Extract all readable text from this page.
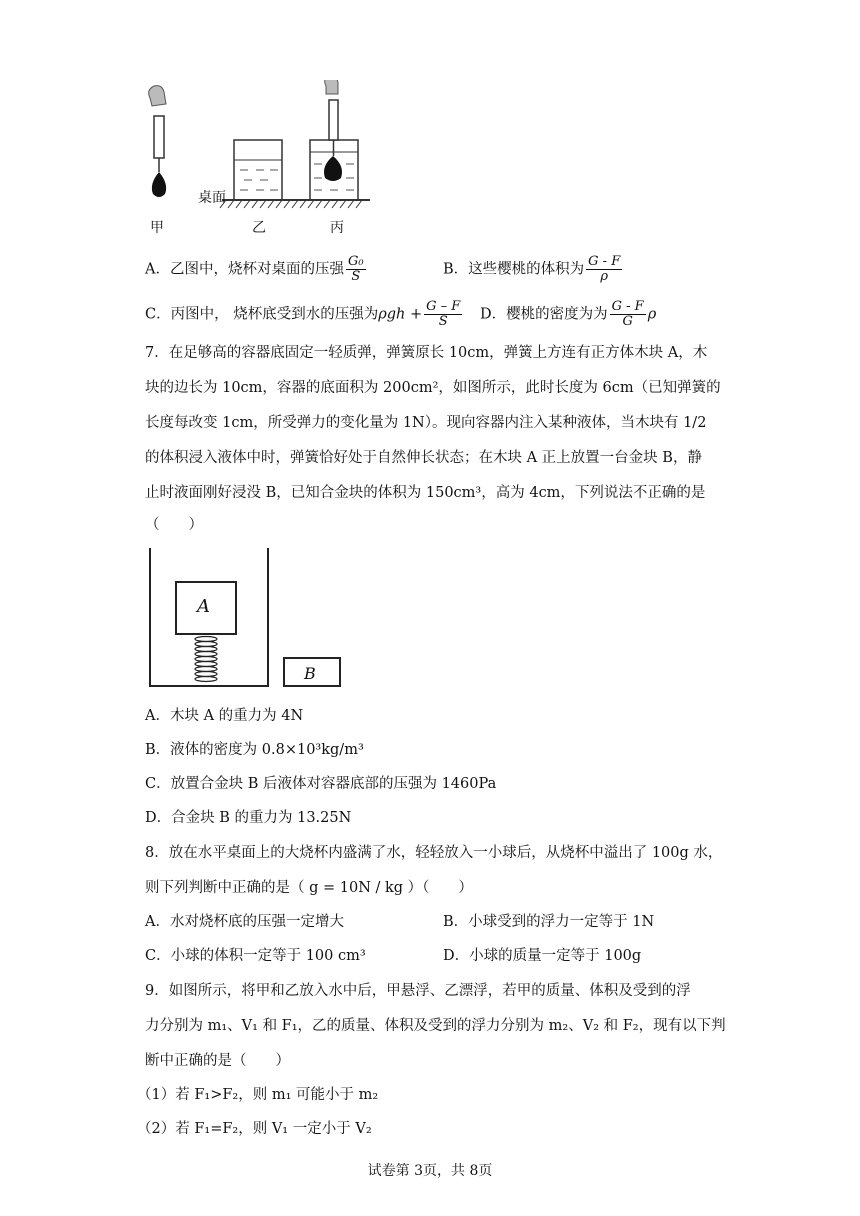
桌面
甲	乙	丙
A．乙图中，烧杯对桌面的压强 $\frac{\text{G₀}}{S}$	B．这些樱桃的体积为 $\frac{G - F}{\rho}$
C．丙图中， 烧杯底受到水的压强为$\rho gh + \frac{G - F}{S}$ D．樱桃的密度为为 $\frac{G - F}{G}$ ρ
7．在足够高的容器底固定一轻质弹，弹簧原长 10cm，弹簧上方连有正方体木块 A，木
块的边长为 10cm，容器的底面积为 200cm²，如图所示，此时长度为 6cm（已知弹簧的
长度每改变 1cm，所受弹力的变化量为 1N）。现向容器内注入某种液体，当木块有 1/2
的体积浸入液体中时，弹簧恰好处于自然伸长状态；在木块 A 正上放置一台金块 B，静
止时液面刚好浸没 B，已知合金块的体积为 150cm³，高为 4cm，下列说法不正确的是
（　　）
A
B
A．木块 A 的重力为 4N
B．液体的密度为 0.8×10³kg/m³
C．放置合金块 B 后液体对容器底部的压强为 1460Pa
D．合金块 B 的重力为 13.25N
8．放在水平桌面上的大烧杯内盛满了水，轻轻放入一小球后，从烧杯中溢出了 100g 水，
则下列判断中正确的是（ g = 10N / kg ）（　　）
A．水对烧杯底的压强一定增大	B．小球受到的浮力一定等于 1N
C．小球的体积一定等于 100 cm³	D．小球的质量一定等于 100g
9．如图所示，将甲和乙放入水中后，甲悬浮、乙漂浮，若甲的质量、体积及受到的浮
力分别为 m₁、V₁ 和 F₁，乙的质量、体积及受到的浮力分别为 m₂、V₂ 和 F₂，现有以下判
断中正确的是（　　）
（1）若 F₁>F₂，则 m₁ 可能小于 m₂
（2）若 F₁=F₂，则 V₁ 一定小于 V₂
试卷第 3页，共 8页
